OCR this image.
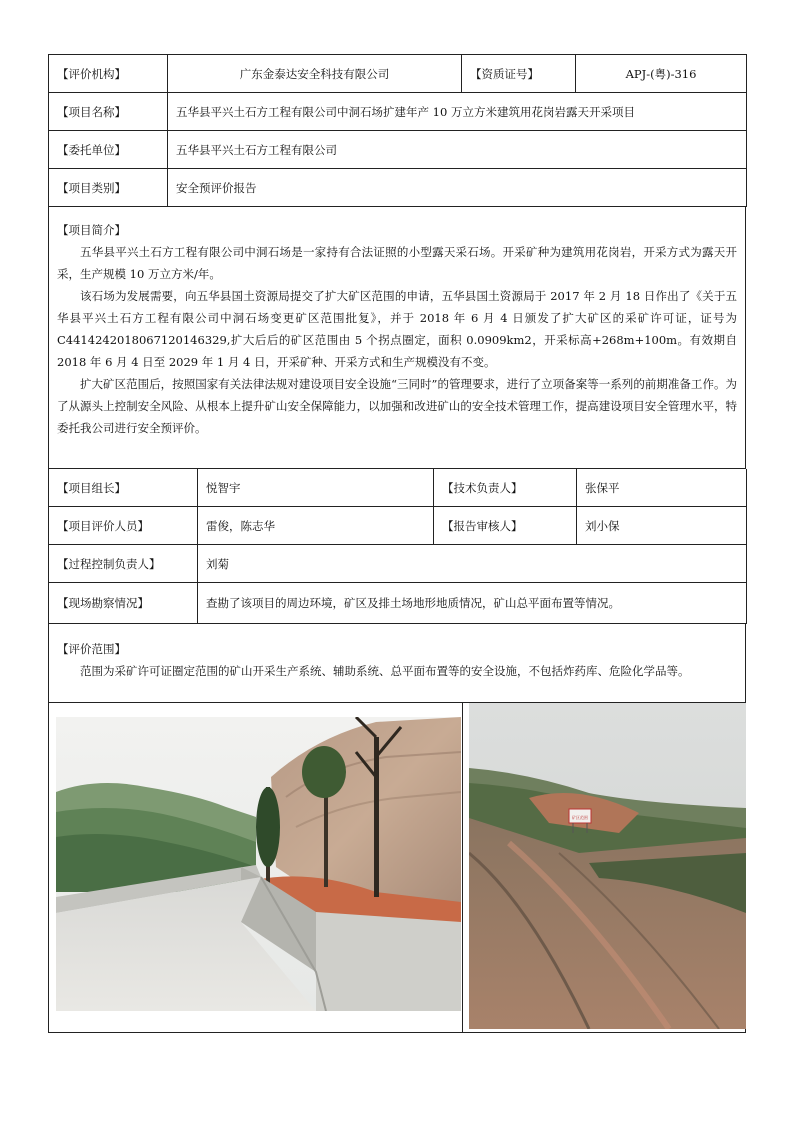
【评价机构】	广东金泰达安全科技有限公司	【资质证号】	APJ-(粤)-316
【项目名称】	五华县平兴土石方工程有限公司中洞石场扩建年产 10 万立方米建筑用花岗岩露天开采项目
【委托单位】	五华县平兴土石方工程有限公司
【项目类别】	安全预评价报告
【项目简介】

五华县平兴土石方工程有限公司中洞石场是一家持有合法证照的小型露天采石场。开采矿种为建筑用花岗岩，开采方式为露天开采，生产规模 10 万立方米/年。

该石场为发展需要，向五华县国土资源局提交了扩大矿区范围的申请，五华县国土资源局于 2017 年 2 月 18 日作出了《关于五华县平兴土石方工程有限公司中洞石场变更矿区范围批复》，并于 2018 年 6 月 4 日颁发了扩大矿区的采矿许可证，证号为 C4414242018067120146329,扩大后后的矿区范围由 5 个拐点圈定，面积 0.0909km2，开采标高+268m+100m。有效期自 2018 年 6 月 4 日至 2029 年 1 月 4 日，开采矿种、开采方式和生产规模没有不变。

扩大矿区范围后，按照国家有关法律法规对建设项目安全设施“三同时”的管理要求，进行了立项备案等一系列的前期准备工作。为了从源头上控制安全风险、从根本上提升矿山安全保障能力，以加强和改进矿山的安全技术管理工作，提高建设项目安全管理水平，特委托我公司进行安全预评价。

【项目组长】	悦智宇	【技术负责人】	张保平
【项目评价人员】	雷俊，陈志华	【报告审核人】	刘小保
【过程控制负责人】	刘菊		
【现场勘察情况】	查勘了该项目的周边环境，矿区及排土场地形地质情况，矿山总平面布置等情况。		
【评价范围】

范围为采矿许可证圈定范围的矿山开采生产系统、辅助系统、总平面布置等的安全设施，不包括炸药库、危险化学品等。

矿区范围
